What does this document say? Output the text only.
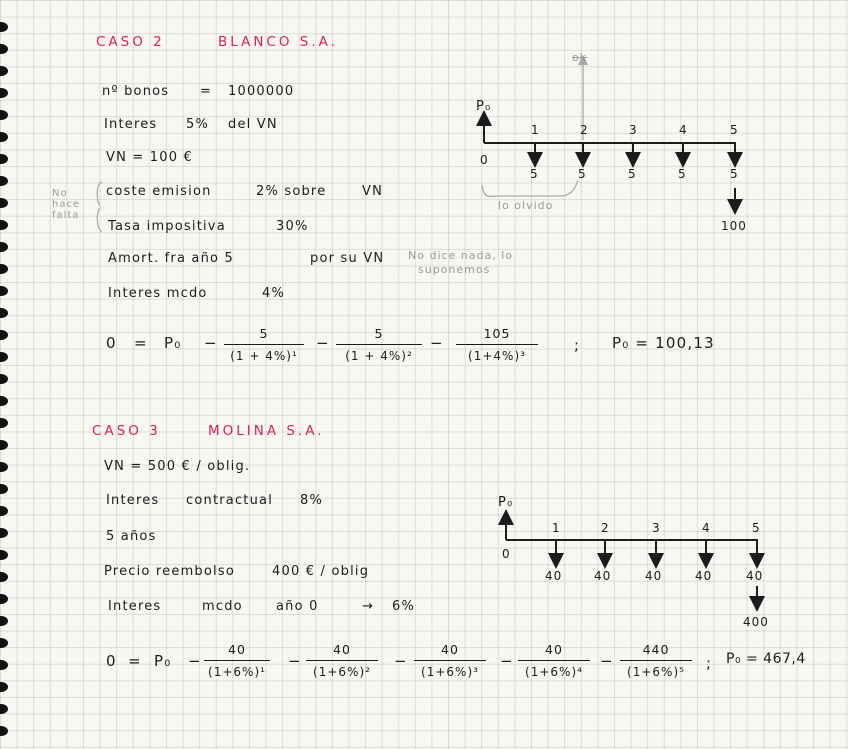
CASO 2	BLANCO S.A.
nº bonos = 1000000
Interes 5% del VN
VN = 100 €
No hace falta
coste emision	2% sobre	VN
Tasa impositiva	30%
Amort. fra año 5	por su VN No dice nada, lo
suponemos
Interes mcdo	4%
P₀
0
ok
1	2	3	4	5
5	5	5	5	5
100
lo olvido
0 = P₀ −
5
(1 + 4%)¹
−
5
(1 + 4%)²
−
105
(1+4%)³
; P₀ = 100,13
CASO 3	MOLINA S.A.
VN = 500 € / oblig.
Interes contractual 8%
5 años
Precio reembolso	400 € / oblig
Interes	mcdo	año 0	→ 6%
P₀
0
1	2	3	4	5
40	40	40	40	40
400
0 = P₀ −
40
(1+6%)¹
−
40
(1+6%)²
−
40
(1+6%)³
−
40
(1+6%)⁴
−
440
(1+6%)⁵ ; P₀ = 467,4
